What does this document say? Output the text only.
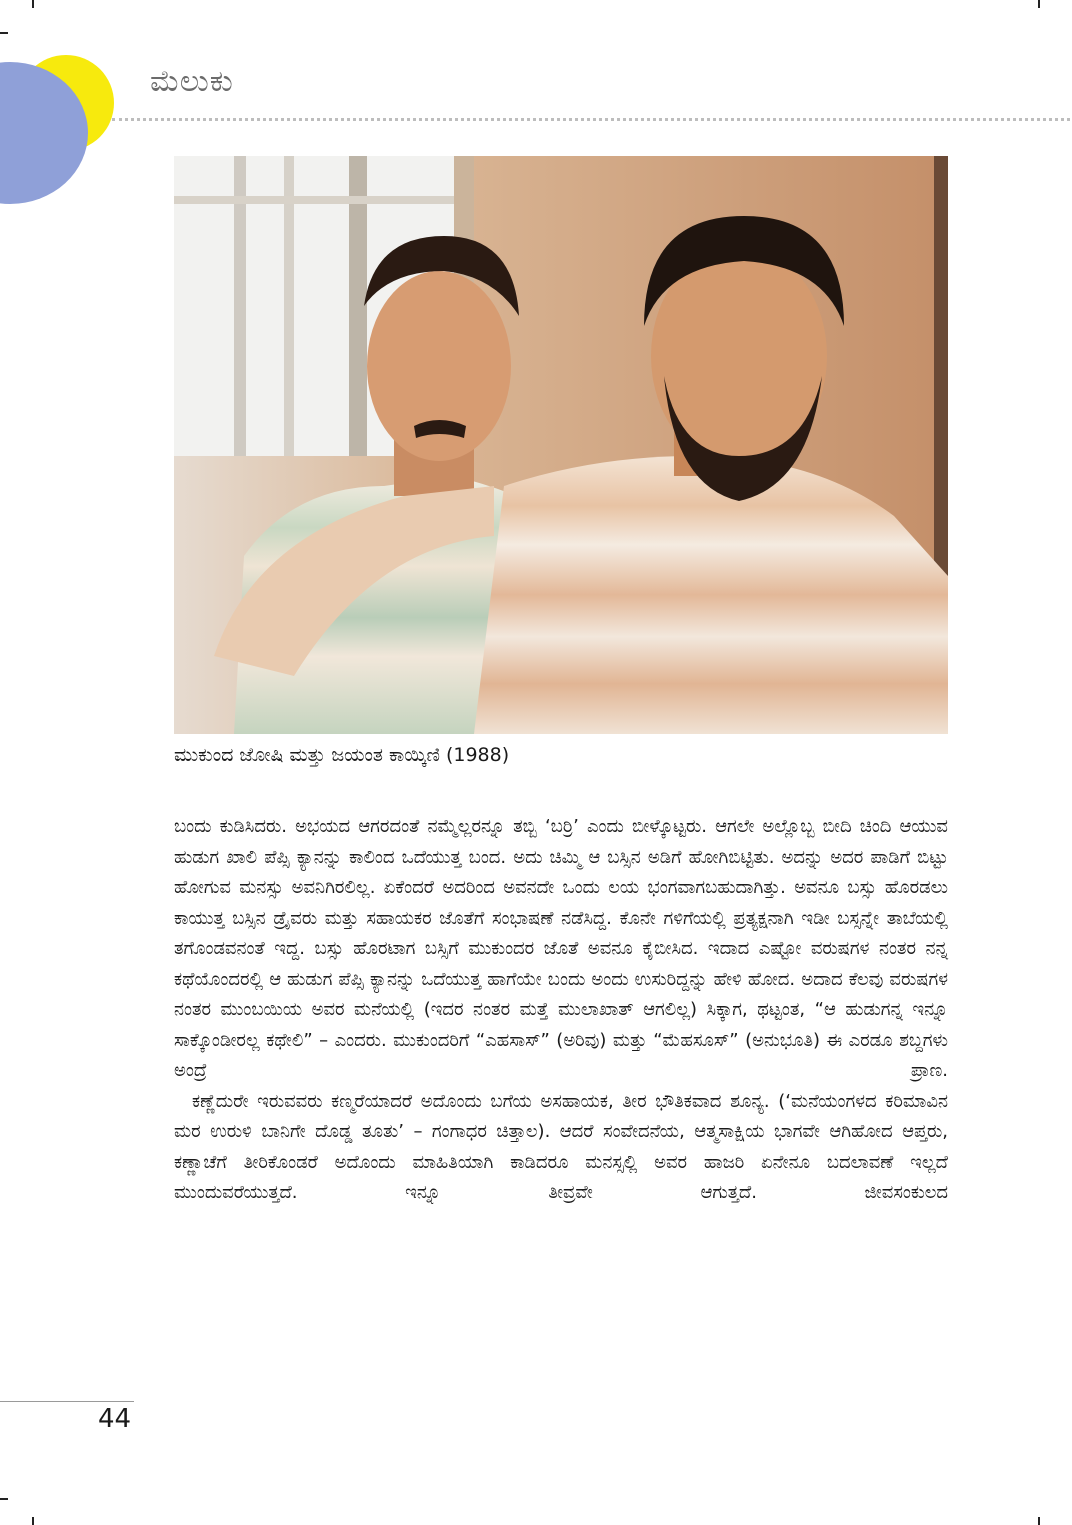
ಮೆಲುಕು
ಮುಕುಂದ ಜೋಷಿ ಮತ್ತು ಜಯಂತ ಕಾಯ್ಕಿಣಿ (1988)

ಬಂದು ಕುಡಿಸಿದರು. ಅಭಯದ ಆಗರದಂತೆ ನಮ್ಮೆಲ್ಲರನ್ನೂ ತಬ್ಬಿ ‘ಬರ್ರಿ’ ಎಂದು ಬೀಳ್ಕೊಟ್ಟರು. ಆಗಲೇ ಅಲ್ಲೊಬ್ಬ ಬೀದಿ ಚಿಂದಿ ಆಯುವ ಹುಡುಗ ಖಾಲಿ ಪೆಪ್ಸಿ ಕ್ಯಾನನ್ನು ಕಾಲಿಂದ ಒದೆಯುತ್ತ ಬಂದ. ಅದು ಚಿಮ್ಮಿ ಆ ಬಸ್ಸಿನ ಅಡಿಗೆ ಹೋಗಿಬಿಟ್ಟಿತು. ಅದನ್ನು ಅದರ ಪಾಡಿಗೆ ಬಿಟ್ಟು ಹೋಗುವ ಮನಸ್ಸು ಅವನಿಗಿರಲಿಲ್ಲ. ಏಕೆಂದರೆ ಅದರಿಂದ ಅವನದೇ ಒಂದು ಲಯ ಭಂಗವಾಗಬಹುದಾಗಿತ್ತು. ಅವನೂ ಬಸ್ಸು ಹೊರಡಲು ಕಾಯುತ್ತ ಬಸ್ಸಿನ ಡ್ರೈವರು ಮತ್ತು ಸಹಾಯಕರ ಜೊತೆಗೆ ಸಂಭಾಷಣೆ ನಡೆಸಿದ್ದ. ಕೊನೇ ಗಳಿಗೆಯಲ್ಲಿ ಪ್ರತ್ಯಕ್ಷನಾಗಿ ಇಡೀ ಬಸ್ಸನ್ನೇ ತಾಬೆಯಲ್ಲಿ ತಗೊಂಡವನಂತೆ ಇದ್ದ. ಬಸ್ಸು ಹೊರಟಾಗ ಬಸ್ಸಿಗೆ ಮುಕುಂದರ ಜೊತೆ ಅವನೂ ಕೈಬೀಸಿದ. ಇದಾದ ಎಷ್ಟೋ ವರುಷಗಳ ನಂತರ ನನ್ನ ಕಥೆಯೊಂದರಲ್ಲಿ ಆ ಹುಡುಗ ಪೆಪ್ಸಿ ಕ್ಯಾನನ್ನು ಒದೆಯುತ್ತ ಹಾಗೆಯೇ ಬಂದು ಅಂದು ಉಸುರಿದ್ದನ್ನು ಹೇಳಿ ಹೋದ. ಅದಾದ ಕೆಲವು ವರುಷಗಳ ನಂತರ ಮುಂಬಯಿಯ ಅವರ ಮನೆಯಲ್ಲಿ (ಇದರ ನಂತರ ಮತ್ತೆ ಮುಲಾಖಾತ್ ಆಗಲಿಲ್ಲ) ಸಿಕ್ಕಾಗ, ಥಟ್ಟಂತ, “ಆ ಹುಡುಗನ್ನ ಇನ್ನೂ ಸಾಕ್ಕೊಂಡೀರಲ್ಲ ಕಥೇಲಿ” – ಎಂದರು. ಮುಕುಂದರಿಗೆ “ಎಹಸಾಸ್” (ಅರಿವು) ಮತ್ತು “ಮೆಹಸೂಸ್” (ಅನುಭೂತಿ) ಈ ಎರಡೂ ಶಬ್ದಗಳು ಅಂದ್ರೆ ಪ್ರಾಣ.

ಕಣ್ಣೆದುರೇ ಇರುವವರು ಕಣ್ಮರೆಯಾದರೆ ಅದೊಂದು ಬಗೆಯ ಅಸಹಾಯಕ, ತೀರ ಭೌತಿಕವಾದ ಶೂನ್ಯ. (‘ಮನೆಯಂಗಳದ ಕರಿಮಾವಿನ ಮರ ಉರುಳಿ ಬಾನಿಗೇ ದೊಡ್ಡ ತೂತು’ – ಗಂಗಾಧರ ಚಿತ್ತಾಲ). ಆದರೆ ಸಂವೇದನೆಯ, ಆತ್ಮಸಾಕ್ಷಿಯ ಭಾಗವೇ ಆಗಿಹೋದ ಆಪ್ತರು, ಕಣ್ಣಾಚೆಗೆ ತೀರಿಕೊಂಡರೆ ಅದೊಂದು ಮಾಹಿತಿಯಾಗಿ ಕಾಡಿದರೂ ಮನಸ್ಸಲ್ಲಿ ಅವರ ಹಾಜರಿ ಏನೇನೂ ಬದಲಾವಣೆ ಇಲ್ಲದೆ ಮುಂದುವರೆಯುತ್ತದೆ. ಇನ್ನೂ ತೀವ್ರವೇ ಆಗುತ್ತದೆ. ಜೀವಸಂಕುಲದ

44
